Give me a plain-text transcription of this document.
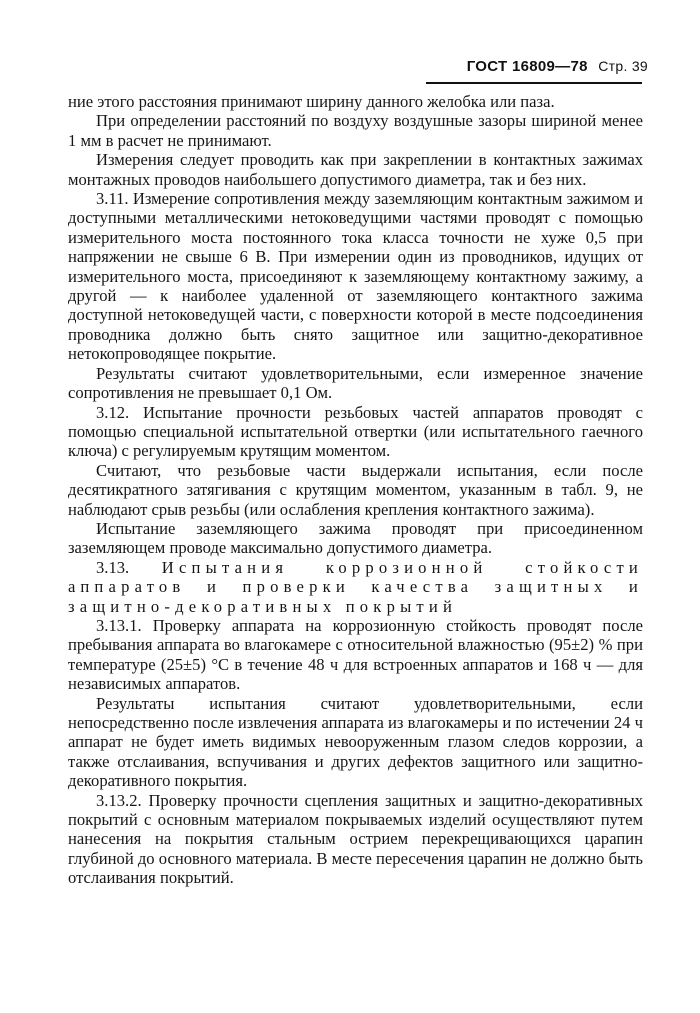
ГОСТ 16809—78 Стр. 39

ние этого расстояния принимают ширину данного желобка или паза.

При определении расстояний по воздуху воздушные зазоры шириной менее 1 мм в расчет не принимают.

Измерения следует проводить как при закреплении в контактных зажимах монтажных проводов наибольшего допустимого диаметра, так и без них.

3.11. Измерение сопротивления между заземляющим контактным зажимом и доступными металлическими нетоковедущими частями проводят с помощью измерительного моста постоянного тока класса точности не хуже 0,5 при напряжении не свыше 6 В. При измерении один из проводников, идущих от измерительного моста, присоединяют к заземляющему контактному зажиму, а другой — к наиболее удаленной от заземляющего контактного зажима доступной нетоковедущей части, с поверхности которой в месте подсоединения проводника должно быть снято защитное или защитно-декоративное нетокопроводящее покрытие.

Результаты считают удовлетворительными, если измеренное значение сопротивления не превышает 0,1 Ом.

3.12. Испытание прочности резьбовых частей аппаратов проводят с помощью специальной испытательной отвертки (или испытательного гаечного ключа) с регулируемым крутящим моментом.

Считают, что резьбовые части выдержали испытания, если после десятикратного затягивания с крутящим моментом, указанным в табл. 9, не наблюдают срыв резьбы (или ослабления крепления контактного зажима).

Испытание заземляющего зажима проводят при присоединенном заземляющем проводе максимально допустимого диаметра.

3.13. Испытания коррозионной стойкости аппаратов и проверки качества защитных и защитно-декоративных покрытий

3.13.1. Проверку аппарата на коррозионную стойкость проводят после пребывания аппарата во влагокамере с относительной влажностью (95±2) % при температуре (25±5) °С в течение 48 ч для встроенных аппаратов и 168 ч — для независимых аппаратов.

Результаты испытания считают удовлетворительными, если непосредственно после извлечения аппарата из влагокамеры и по истечении 24 ч аппарат не будет иметь видимых невооруженным глазом следов коррозии, а также отслаивания, вспучивания и других дефектов защитного или защитно-декоративного покрытия.

3.13.2. Проверку прочности сцепления защитных и защитно-декоративных покрытий с основным материалом покрываемых изделий осуществляют путем нанесения на покрытия стальным острием перекрещивающихся царапин глубиной до основного материала. В месте пересечения царапин не должно быть отслаивания покрытий.
